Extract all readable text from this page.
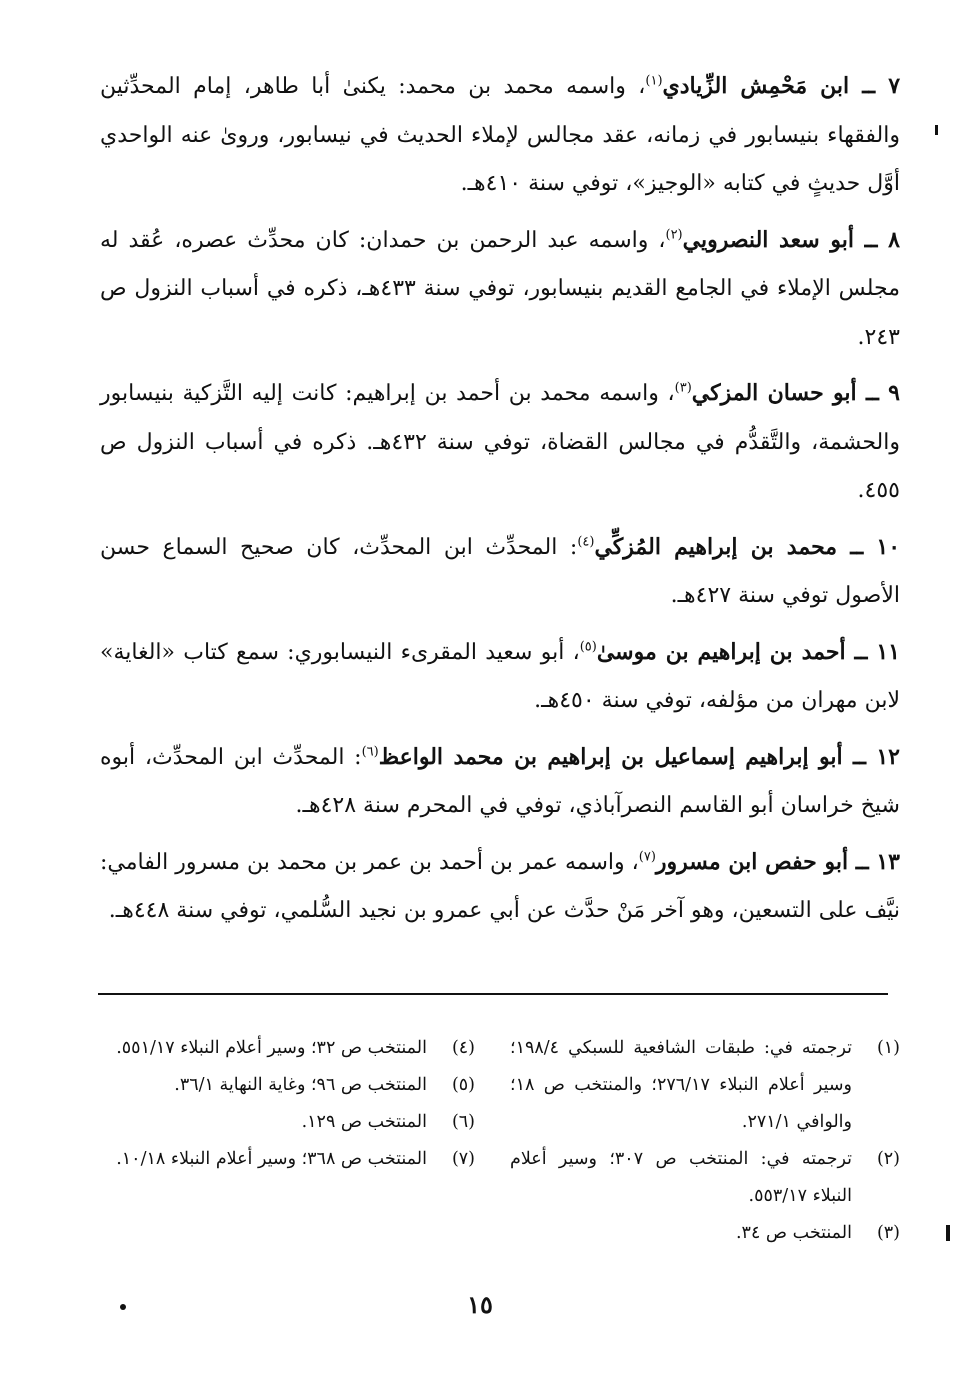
٧ ــ ابن مَحْمِش الزِّيادي$^{(١)}$، واسمه محمد بن محمد: يكنىٰ أبا طاهر، إمام المحدِّثين والفقهاء بنيسابور في زمانه، عقد مجالس لإملاء الحديث في نيسابور، ورویٰ عنه الواحدي أوَّل حديثٍ في كتابه «الوجيز»، توفي سنة ٤١٠هـ.

٨ ــ أبو سعد النصرويي$^{(٢)}$، واسمه عبد الرحمن بن حمدان: كان محدِّث عصره، عُقد له مجلس الإملاء في الجامع القديم بنيسابور، توفي سنة ٤٣٣هـ، ذكره في أسباب النزول ص ٢٤٣.

٩ ــ أبو حسان المزكي$^{(٣)}$، واسمه محمد بن أحمد بن إبراهيم: كانت إليه التَّزكية بنيسابور والحشمة، والتَّقدُّم في مجالس القضاة، توفي سنة ٤٣٢هـ. ذكره في أسباب النزول ص ٤٥٥.

١٠ ــ محمد بن إبراهيم المُزكِّي$^{(٤)}$: المحدِّث ابن المحدِّث، كان صحيح السماع حسن الأصول توفي سنة ٤٢٧هـ.

١١ ــ أحمد بن إبراهيم بن موسىٰ$^{(٥)}$، أبو سعيد المقرىء النيسابوري: سمع كتاب «الغاية» لابن مهران من مؤلفه، توفي سنة ٤٥٠هـ.

١٢ ــ أبو إبراهيم إسماعيل بن إبراهيم بن محمد الواعظ$^{(٦)}$: المحدِّث ابن المحدِّث، أبوه شيخ خراسان أبو القاسم النصرآباذي، توفي في المحرم سنة ٤٢٨هـ.

١٣ ــ أبو حفص ابن مسرور$^{(٧)}$، واسمه عمر بن أحمد بن عمر بن محمد بن مسرور الفامي: نيَّف على التسعين، وهو آخر مَنْ حدَّث عن أبي عمرو بن نجيد السُّلمي، توفي سنة ٤٤٨هـ.

(١)
ترجمته في: طبقات الشافعية للسبكي ١٩٨/٤؛ وسير أعلام النبلاء ٢٧٦/١٧؛ والمنتخب ص ١٨؛ والوافي ٢٧١/١.
(٢)
ترجمته في: المنتخب ص ٣٠٧؛ وسير أعلام النبلاء ٥٥٣/١٧.
(٣)
المنتخب ص ٣٤.
(٤)
المنتخب ص ٣٢؛ وسير أعلام النبلاء ٥٥١/١٧.
(٥)
المنتخب ص ٩٦؛ وغاية النهاية ٣٦/١.
(٦)
المنتخب ص ١٢٩.
(٧)
المنتخب ص ٣٦٨؛ وسير أعلام النبلاء ١٠/١٨.
١٥
